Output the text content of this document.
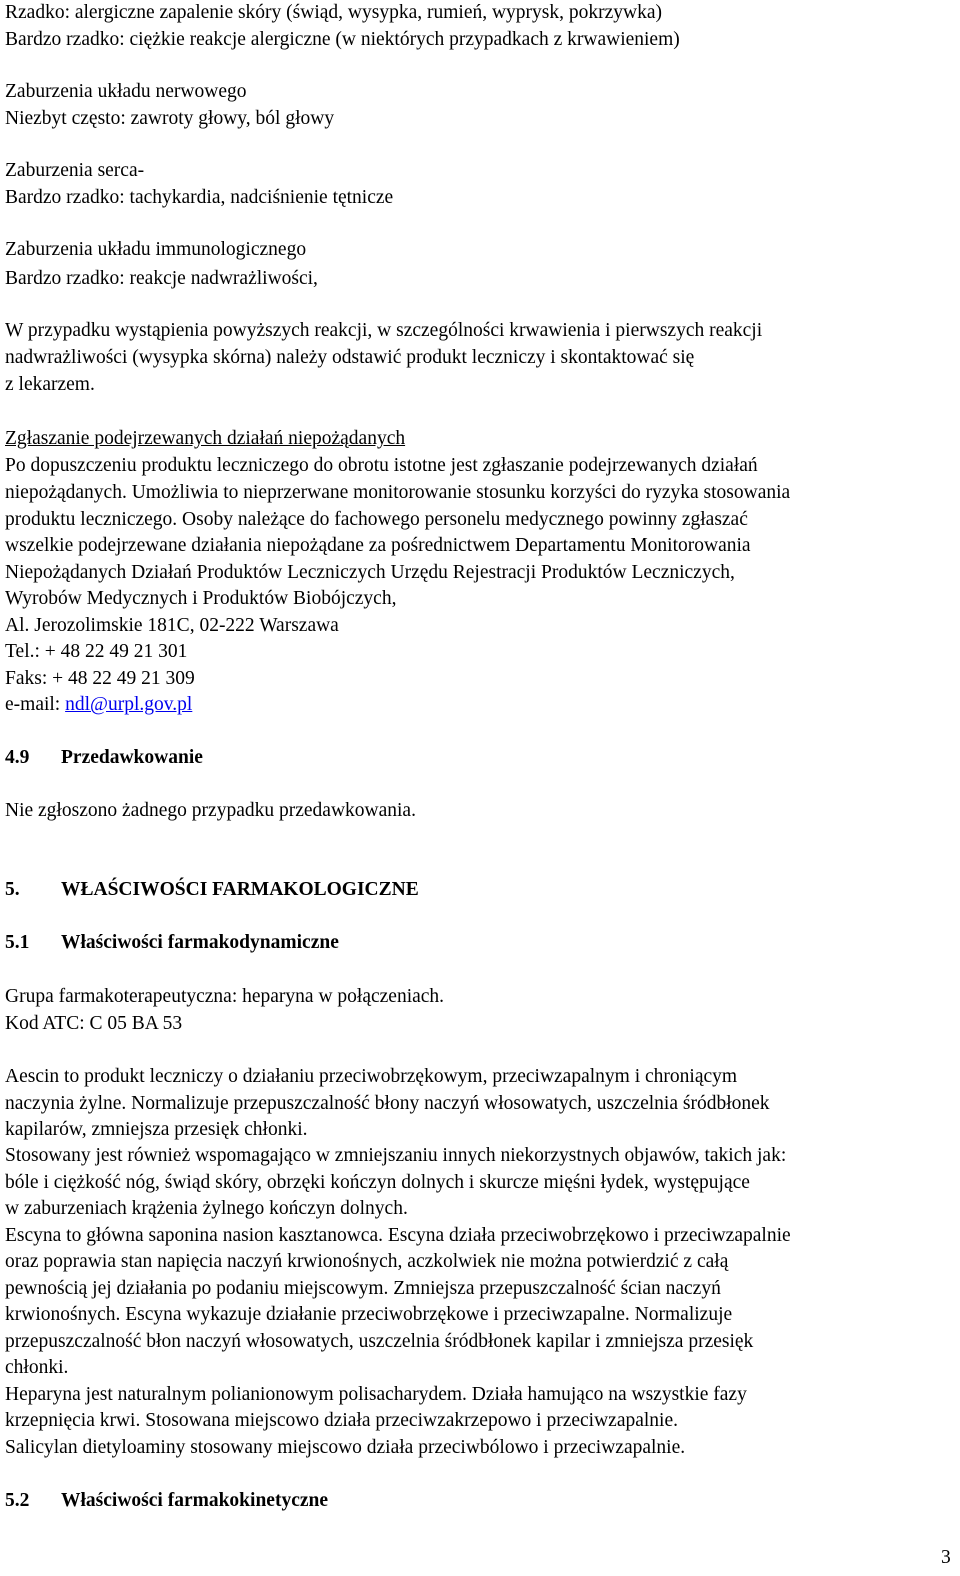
Rzadko: alergiczne zapalenie skóry (świąd, wysypka, rumień, wyprysk, pokrzywka)
Bardzo rzadko: ciężkie reakcje alergiczne (w niektórych przypadkach z krwawieniem)
Zaburzenia układu nerwowego
Niezbyt często: zawroty głowy, ból głowy
Zaburzenia serca-
Bardzo rzadko: tachykardia, nadciśnienie tętnicze
Zaburzenia układu immunologicznego
Bardzo rzadko: reakcje nadwrażliwości,
W przypadku wystąpienia powyższych reakcji, w szczególności krwawienia i pierwszych reakcji
nadwrażliwości (wysypka skórna) należy odstawić produkt leczniczy i skontaktować się
z lekarzem.
Zgłaszanie podejrzewanych działań niepożądanych
Po dopuszczeniu produktu leczniczego do obrotu istotne jest zgłaszanie podejrzewanych działań
niepożądanych. Umożliwia to nieprzerwane monitorowanie stosunku korzyści do ryzyka stosowania
produktu leczniczego. Osoby należące do fachowego personelu medycznego powinny zgłaszać
wszelkie podejrzewane działania niepożądane za pośrednictwem Departamentu Monitorowania
Niepożądanych Działań Produktów Leczniczych Urzędu Rejestracji Produktów Leczniczych,
Wyrobów Medycznych i Produktów Biobójczych,
Al. Jerozolimskie 181C, 02-222 Warszawa
Tel.: + 48 22 49 21 301
Faks: + 48 22 49 21 309
e-mail: ndl@urpl.gov.pl
4.9 Przedawkowanie
Nie zgłoszono żadnego przypadku przedawkowania.
5. WŁAŚCIWOŚCI FARMAKOLOGICZNE
5.1 Właściwości farmakodynamiczne
Grupa farmakoterapeutyczna: heparyna w połączeniach.
Kod ATC: C 05 BA 53
Aescin to produkt leczniczy o działaniu przeciwobrzękowym, przeciwzapalnym i chroniącym
naczynia żylne. Normalizuje przepuszczalność błony naczyń włosowatych, uszczelnia śródbłonek
kapilarów, zmniejsza przesięk chłonki.
Stosowany jest również wspomagająco w zmniejszaniu innych niekorzystnych objawów, takich jak:
bóle i ciężkość nóg, świąd skóry, obrzęki kończyn dolnych i skurcze mięśni łydek, występujące
w zaburzeniach krążenia żylnego kończyn dolnych.
Escyna to główna saponina nasion kasztanowca. Escyna działa przeciwobrzękowo i przeciwzapalnie
oraz poprawia stan napięcia naczyń krwionośnych, aczkolwiek nie można potwierdzić z całą
pewnością jej działania po podaniu miejscowym. Zmniejsza przepuszczalność ścian naczyń
krwionośnych. Escyna wykazuje działanie przeciwobrzękowe i przeciwzapalne. Normalizuje
przepuszczalność błon naczyń włosowatych, uszczelnia śródbłonek kapilar i zmniejsza przesięk
chłonki.
Heparyna jest naturalnym polianionowym polisacharydem. Działa hamująco na wszystkie fazy
krzepnięcia krwi. Stosowana miejscowo działa przeciwzakrzepowo i przeciwzapalnie.
Salicylan dietyloaminy stosowany miejscowo działa przeciwbólowo i przeciwzapalnie.
5.2 Właściwości farmakokinetyczne
3
